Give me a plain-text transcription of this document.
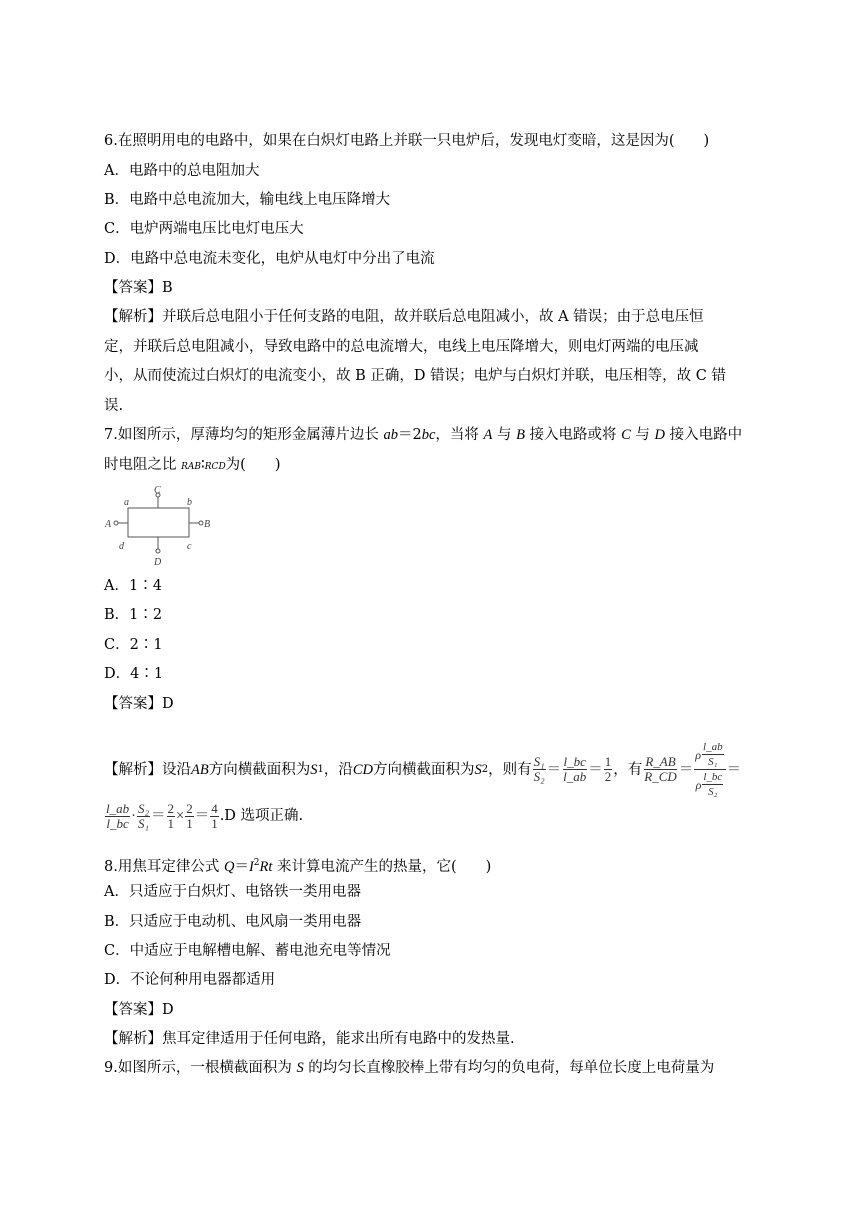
6.在照明用电的电路中，如果在白炽灯电路上并联一只电炉后，发现电灯变暗，这是因为(　　)
A．电路中的总电阻加大
B．电路中总电流加大，输电线上电压降增大
C．电炉两端电压比电灯电压大
D．电路中总电流未变化，电炉从电灯中分出了电流
【答案】B
【解析】并联后总电阻小于任何支路的电阻，故并联后总电阻减小，故 A 错误；由于总电压恒
定，并联后总电阻减小，导致电路中的总电流增大，电线上电压降增大，则电灯两端的电压减
小，从而使流过白炽灯的电流变小，故 B 正确，D 错误；电炉与白炽灯并联，电压相等，故 C 错
误.
7.如图所示，厚薄均匀的矩形金属薄片边长 ab＝2bc，当将 A 与 B 接入电路或将 C 与 D 接入电路中
时电阻之比 RAB∶RCD为(　　)
C
D
A	B
a	b
c
d
A．1∶4
B．1∶2
C．2∶1
D．4∶1
【答案】D
【解析】设沿 AB 方向横截面积为 S 1 ，沿 CD 方向横截面积为 S 2 ，则有 $\frac{\text{S₁}}{\text{S₂}} = \frac{l\_bc}{l\_ab} = \frac{1}{2}$ ，有 $\frac{R\_AB}{R\_CD} = \frac{\rho \frac{l\_ab}{\text{S₁}}}{\rho \frac{l\_bc}{\text{S₂}}}$ ＝
$\frac{l\_ab}{l\_bc} \cdot \frac{\text{S₂}}{\text{S₁}} = \frac{2}{1} \times \frac{2}{1} = \frac{4}{1} .D$ 选项正确.
8.用焦耳定律公式 $Q=I^2Rt$ 来计算电流产生的热量，它(　　)
A．只适应于白炽灯、电铬铁一类用电器
B．只适应于电动机、电风扇一类用电器
C．中适应于电解槽电解、蓄电池充电等情况
D．不论何种用电器都适用
【答案】D
【解析】焦耳定律适用于任何电路，能求出所有电路中的发热量.
9.如图所示，一根横截面积为 S 的均匀长直橡胶棒上带有均匀的负电荷，每单位长度上电荷量为
